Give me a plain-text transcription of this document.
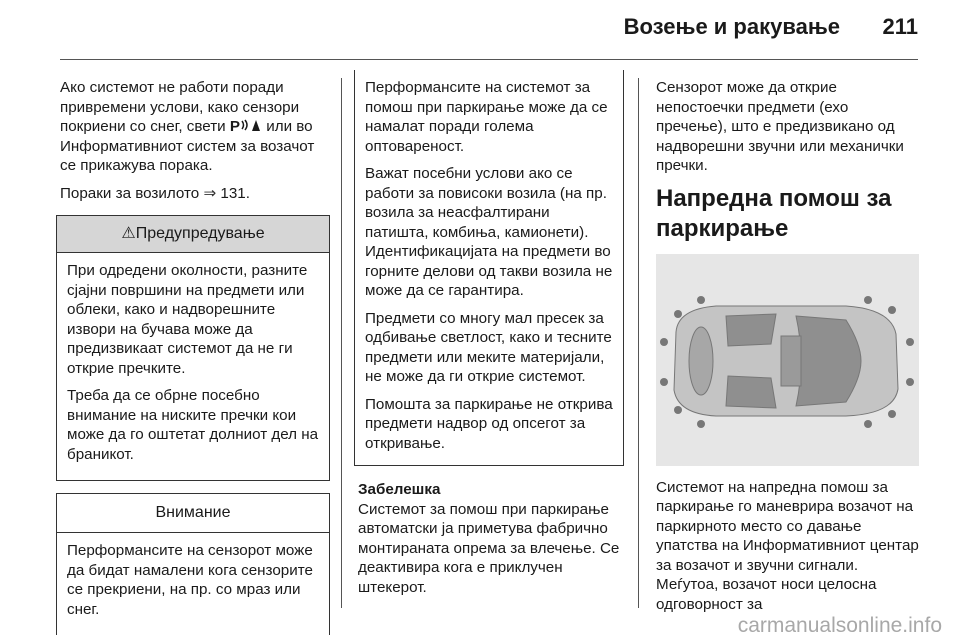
Возење и ракување 211

Ако системот не работи поради привремени услови, како сензори покриени со снег, свети P или во Информативниот систем за возачот се прикажува порака.

Пораки за возилото ⇒ 131.

⚠Предупредување

При одредени околности, разните сјајни површини на предмети или облеки, како и надворешните извори на бучава може да предизвикаат системот да не ги открие пречките.

Треба да се обрне посебно внимание на ниските пречки кои може да го оштетат долниот дел на браникот.

Внимание

Перформансите на сензорот може да бидат намалени кога сензорите се прекриени, на пр. со мраз или снег.

Перформансите на системот за помош при паркирање може да се намалат поради голема оптовареност.

Важат посебни услови ако се работи за повисоки возила (на пр. возила за неасфалтирани патишта, комбиња, камионети). Идентификацијата на предмети во горните делови од такви возила не може да се гарантира.

Предмети со многу мал пресек за одбивање светлост, како и тесните предмети или меките материјали, не може да ги открие системот.

Помошта за паркирање не открива предмети надвор од опсегот за откривање.

Забелешка

Системот за помош при паркирање автоматски ја приметува фабрично монтираната опрема за влечење. Се деактивира кога е приклучен штекерот.

Сензорот може да открие непостоечки предмети (ехо пречење), што е предизвикано од надворешни звучни или механички пречки.

Напредна помош за паркирање

Системот на напредна помош за паркирање го маневрира возачот на паркирното место со давање упатства на Информативниот центар за возачот и звучни сигнали. Меѓутоа, возачот носи целосна одговорност за

carmanualsonline.info
